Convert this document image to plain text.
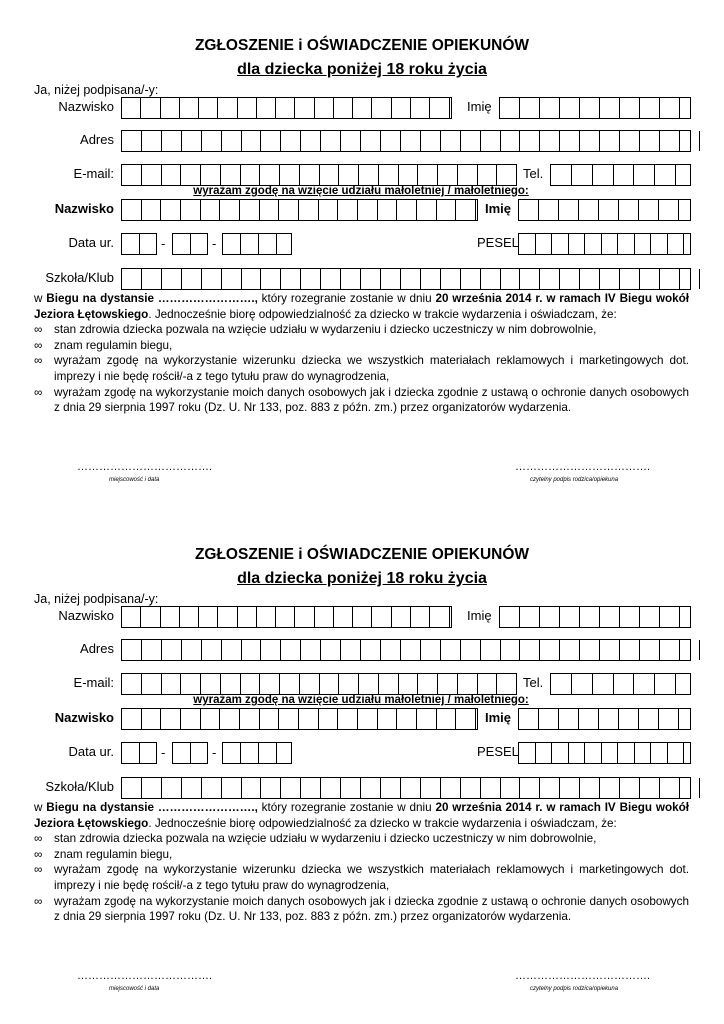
ZGŁOSZENIE i OŚWIADCZENIE OPIEKUNÓW
dla dziecka poniżej 18 roku życia
Ja, niżej podpisana/-y:
Nazwisko	Imię
Adres
E-mail:	Tel.
wyrażam zgodę na wzięcie udziału małoletniej / małoletniego:
Nazwisko	Imię
Data ur.	-	-	PESEL
Szkoła/Klub

w Biegu na dystansie ……………………., który rozegranie zostanie w dniu 20 września 2014 r. w ramach IV Biegu wokół Jeziora Łętowskiego. Jednocześnie biorę odpowiedzialność za dziecko w trakcie wydarzenia i oświadczam, że:

∞ stan zdrowia dziecka pozwala na wzięcie udziału w wydarzeniu i dziecko uczestniczy w nim dobrowolnie,
∞ znam regulamin biegu,
∞ wyrażam zgodę na wykorzystanie wizerunku dziecka we wszystkich materiałach reklamowych i marketingowych dot. imprezy i nie będę rościł/-a z tego tytułu praw do wynagrodzenia,
∞ wyrażam zgodę na wykorzystanie moich danych osobowych jak i dziecka zgodnie z ustawą o ochronie danych osobowych z dnia 29 sierpnia 1997 roku (Dz. U. Nr 133, poz. 883 z późn. zm.) przez organizatorów wydarzenia.
……………………………….
miejscowość i data
……………………………….
czytelny podpis rodzica/opiekuna
ZGŁOSZENIE i OŚWIADCZENIE OPIEKUNÓW
dla dziecka poniżej 18 roku życia
Ja, niżej podpisana/-y:
Nazwisko	Imię
Adres
E-mail:	Tel.
wyrażam zgodę na wzięcie udziału małoletniej / małoletniego:
Nazwisko	Imię
Data ur.	-	-	PESEL
Szkoła/Klub

w Biegu na dystansie ……………………., który rozegranie zostanie w dniu 20 września 2014 r. w ramach IV Biegu wokół Jeziora Łętowskiego. Jednocześnie biorę odpowiedzialność za dziecko w trakcie wydarzenia i oświadczam, że:

∞ stan zdrowia dziecka pozwala na wzięcie udziału w wydarzeniu i dziecko uczestniczy w nim dobrowolnie,
∞ znam regulamin biegu,
∞ wyrażam zgodę na wykorzystanie wizerunku dziecka we wszystkich materiałach reklamowych i marketingowych dot. imprezy i nie będę rościł/-a z tego tytułu praw do wynagrodzenia,
∞ wyrażam zgodę na wykorzystanie moich danych osobowych jak i dziecka zgodnie z ustawą o ochronie danych osobowych z dnia 29 sierpnia 1997 roku (Dz. U. Nr 133, poz. 883 z późn. zm.) przez organizatorów wydarzenia.
……………………………….
miejscowość i data
……………………………….
czytelny podpis rodzica/opiekuna
